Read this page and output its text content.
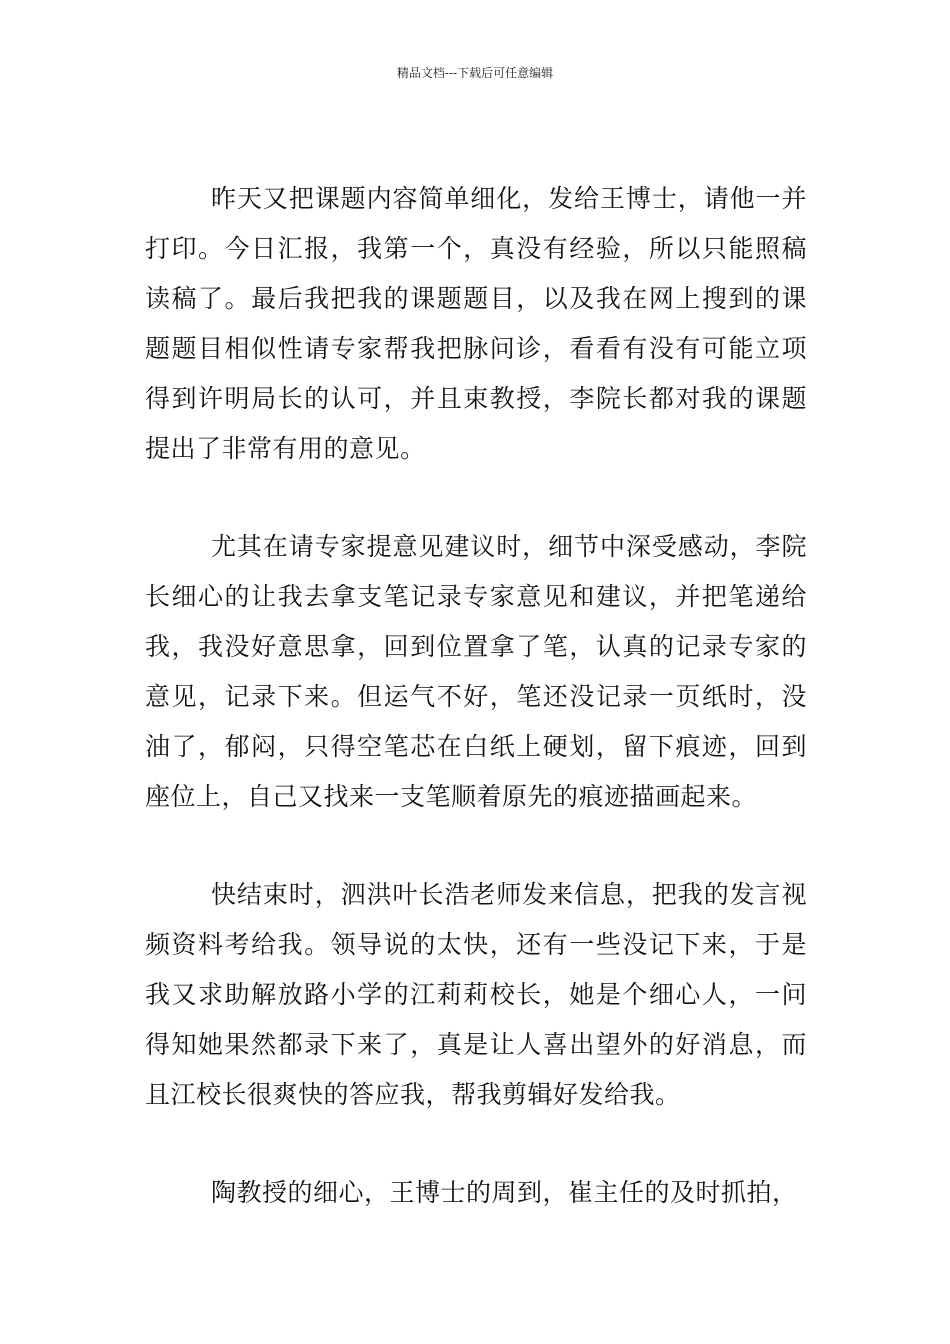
精品文档---下载后可任意编辑

昨天又把课题内容简单细化，发给王博士，请他一并打印。今日汇报，我第一个，真没有经验，所以只能照稿读稿了。最后我把我的课题题目，以及我在网上搜到的课题题目相似性请专家帮我把脉问诊，看看有没有可能立项得到许明局长的认可，并且束教授，李院长都对我的课题提出了非常有用的意见。

尤其在请专家提意见建议时，细节中深受感动，李院长细心的让我去拿支笔记录专家意见和建议，并把笔递给我，我没好意思拿，回到位置拿了笔，认真的记录专家的意见，记录下来。但运气不好，笔还没记录一页纸时，没油了，郁闷，只得空笔芯在白纸上硬划，留下痕迹，回到座位上，自己又找来一支笔顺着原先的痕迹描画起来。

快结束时，泗洪叶长浩老师发来信息，把我的发言视频资料考给我。领导说的太快，还有一些没记下来，于是我又求助解放路小学的江莉莉校长，她是个细心人，一问得知她果然都录下来了，真是让人喜出望外的好消息，而且江校长很爽快的答应我，帮我剪辑好发给我。

陶教授的细心，王博士的周到，崔主任的及时抓拍，
